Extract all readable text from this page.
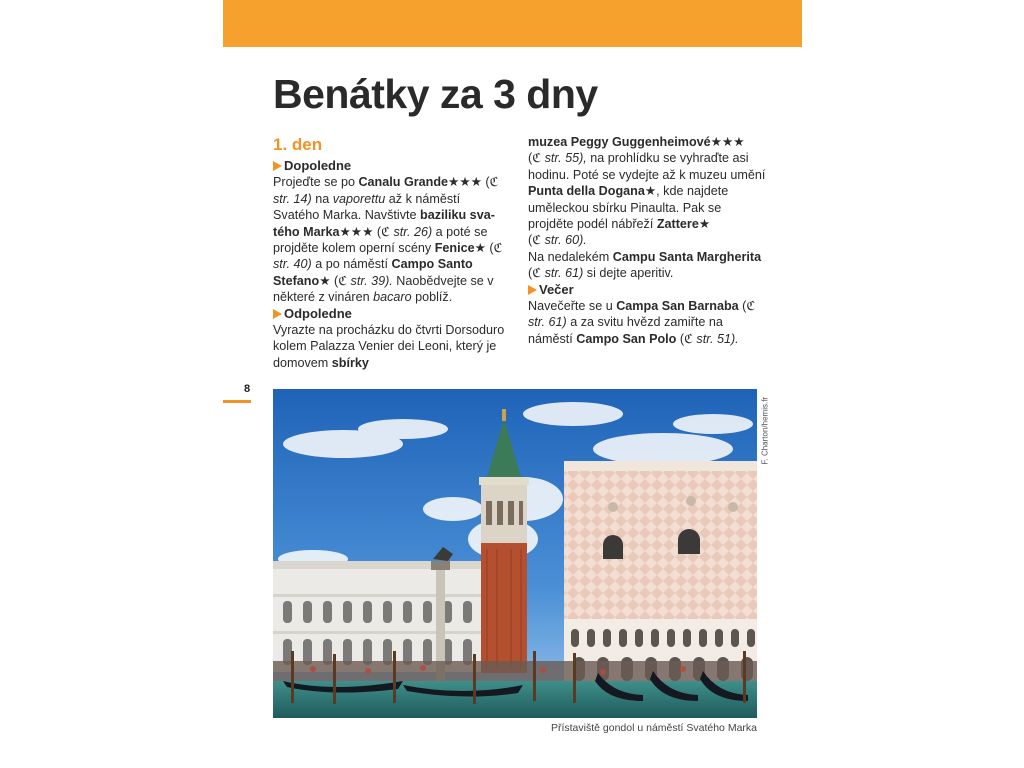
Benátky za 3 dny
1. den
Dopoledne

Projeďte se po Canalu Grande★★★ (ℭ str. 14) na vaporettu až k náměstí Svatého Marka. Navštivte baziliku sva-tého Marka★★★ (ℭ str. 26) a poté se projděte kolem operní scény Fenice★ (ℭ str. 40) a po náměstí Campo Santo Stefano★ (ℭ str. 39). Naobědvejte se v některé z vináren bacaro poblíž.

Odpoledne

Vyrazte na procházku do čtvrti Dorsoduro kolem Palazza Venier dei Leoni, který je domovem sbírky

muzea Peggy Guggenheimové★★★
(ℭ str. 55), na prohlídku se vyhraďte asi hodinu. Poté se vydejte až k muzeu umění Punta della Dogana★, kde najdete uměleckou sbírku Pinaulta. Pak se projděte podél nábřeží Zattere★
(ℭ str. 60).

Na nedalekém Campu Santa Margherita (ℭ str. 61) si dejte aperitiv.

Večer

Navečeřte se u Campa San Barnaba (ℭ str. 61) a za svitu hvězd zamiřte na náměstí Campo San Polo (ℭ str. 51).

8
F. Charton/hemis.fr
Přístaviště gondol u náměstí Svatého Marka
